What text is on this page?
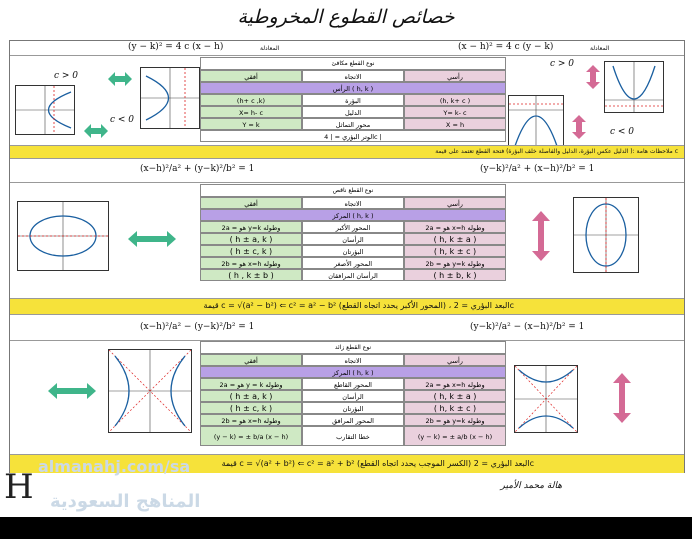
خصائص القطوع المخروطية
(y − k)² = 4 c (x − h)	المعادلة	(x − h)² = 4 c (y − k)	المعادلة
c > 0
c < 0
نوع القطع مكافئ
أفقي	الاتجاه	رأسي
الرأس ( h, k )
(h+ c ,k)	البؤرة	(h, k+ c )
X= h- c	الدليل	Y= k- c
Y = k	محور التماثل	X = h
الوتر البؤري = | 4c |
c > 0
c < 0
ملاحظات هامة :( الدليل عكس البؤرة، الدليل والفاصلة خلف البؤرة) فتحة القطع تعتمد على قيمة c
(x−h)²/a² + (y−k)²/b² = 1	(y−k)²/a² + (x−h)²/b² = 1
نوع القطع ناقص
أفقي	الاتجاه	رأسي
المركز ( h, k )
2a = هو y=k وطوله	المحور الأكبر	2a = هو x=h وطوله
( h ± a, k )	الرأسان	( h, k ± a )
( h ± c, k )	البؤرتان	( h, k ± c )
2b = هو x=h وطوله	المحور الأصغر	2b = هو y=k وطوله
( h , k ± b )	الرأسان المرافقان	( h ± b, k )
قيمة c = √(a² − b²) ⇐ c² = a² − b² (المحور الأكبر يحدد اتجاه القطع) ، البعد البؤري = 2c
(x−h)²/a² − (y−k)²/b² = 1	(y−k)²/a² − (x−h)²/b² = 1
نوع القطع زائد
أفقي	الاتجاه	رأسي
المركز ( h, k )
2a = هو y = k وطوله	المحور القاطع	2a = هو x=h وطوله
( h ± a, k )	الرأسان	( h, k ± a )
( h ± c, k )	البؤرتان	( h, k ± c )
2b = هو x=h وطوله	المحور المرافق	2b = هو y=k وطوله
(y − k) = ± b/a (x − h)	خطا التقارب	(y − k) = ± a/b (x − h)
قيمة c = √(a² + b²) ⇐ c² = a² + b² (الكسر الموجب يحدد اتجاه القطع) البعد البؤري = 2c
H
almanahj.com/sa
المناهج السعودية
هالة محمد الأمير
